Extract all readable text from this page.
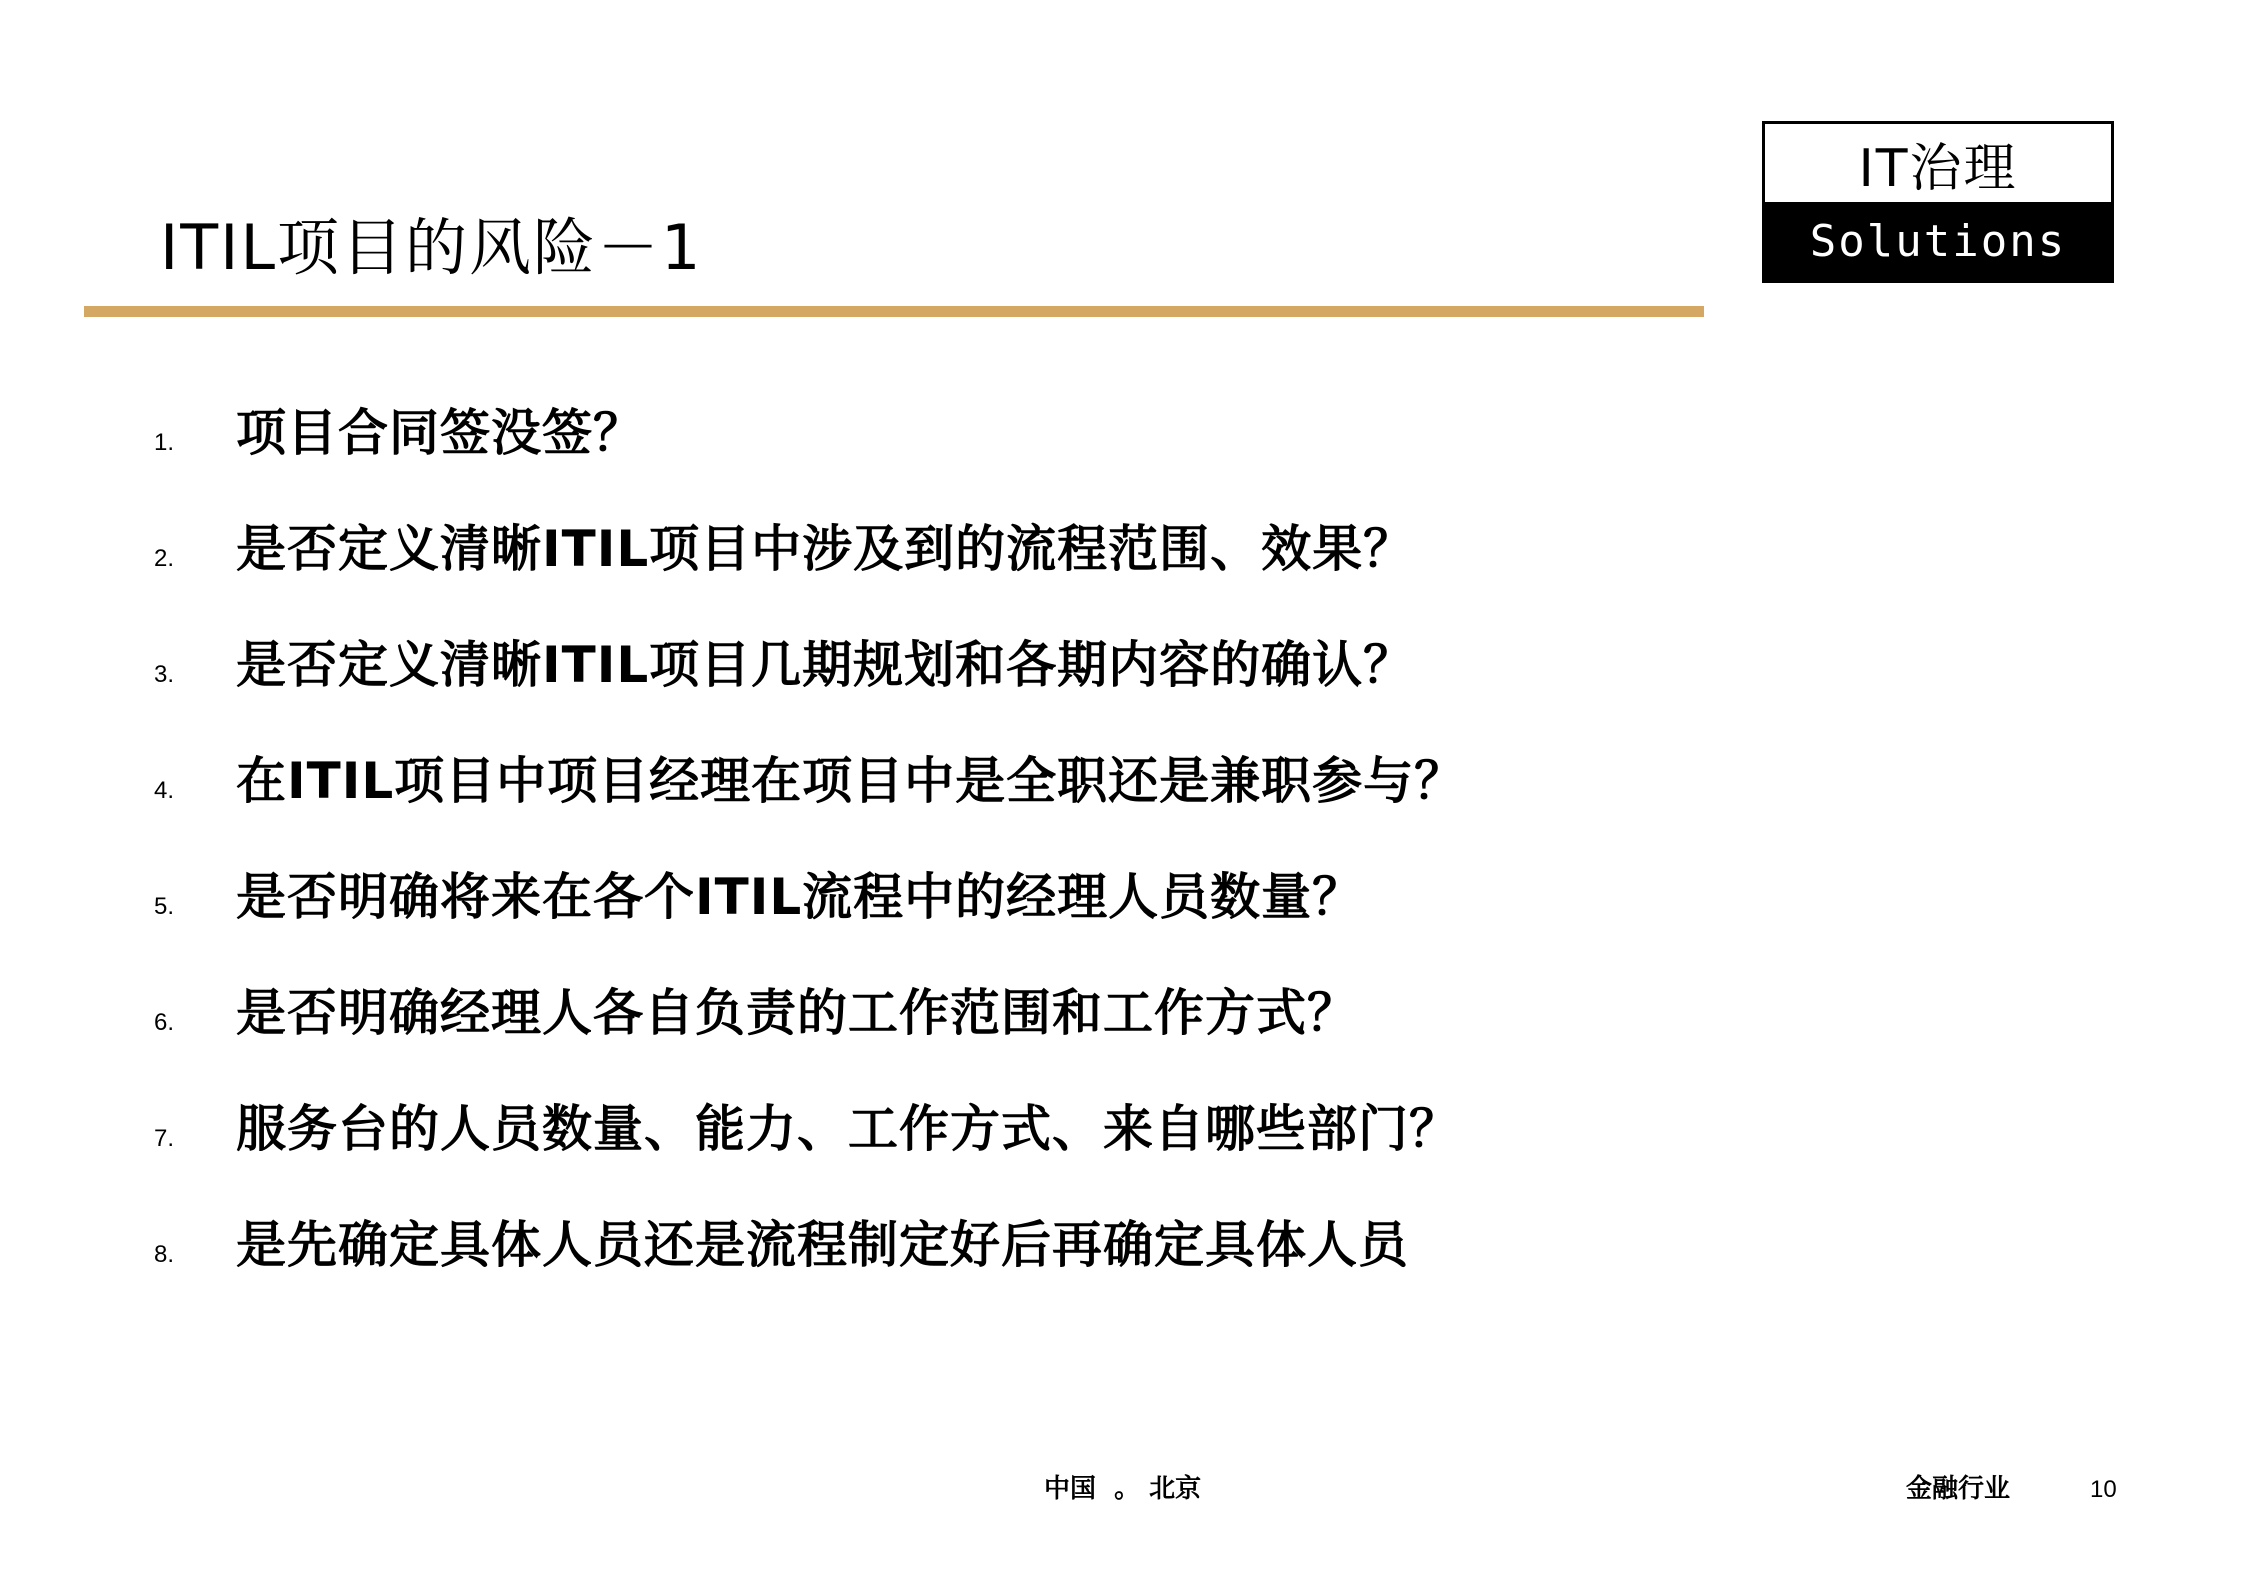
ITIL项目的风险－1
IT治理
Solutions
1. 项目合同签没签？
2. 是否定义清晰ITIL项目中涉及到的流程范围、效果？
3. 是否定义清晰ITIL项目几期规划和各期内容的确认？
4. 在ITIL项目中项目经理在项目中是全职还是兼职参与？
5. 是否明确将来在各个ITIL流程中的经理人员数量？
6. 是否明确经理人各自负责的工作范围和工作方式？
7. 服务台的人员数量、能力、工作方式、来自哪些部门？
8. 是先确定具体人员还是流程制定好后再确定具体人员
中国  。 北京	金融行业	10
